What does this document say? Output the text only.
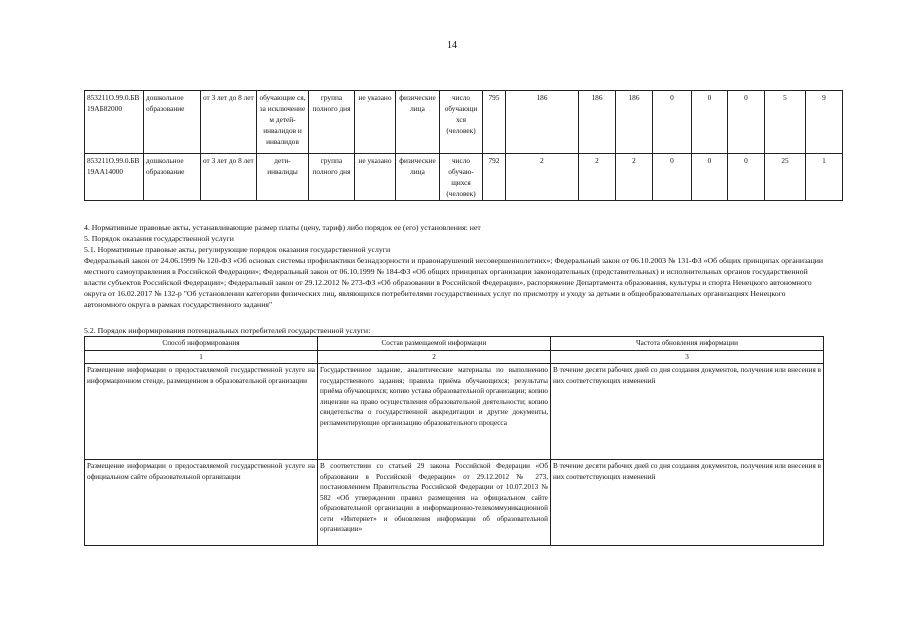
14
853211O.99.0.БВ 19АБ82000	дошкольное образование	от 3 лет до 8 лет	обучающие ся, за исключение м детей-инвалидов и инвалидов	группа полного дня	не указано	физические лица	число обучающи хся (человек)	795	186	186	186	0	0	0	5	9
853211О.99.0.БВ 19АА14000	дошкольное образование	от 3 лет до 8 лет	дети-инвалиды	группа полного дня	не указано	физические лица	число обучаю-щихся (человек)	792	2	2	2	0	0	0	25	1

4. Нормативные правовые акты, устанавливающие размер платы (цену, тариф) либо порядок ее (его) установления: нет

5. Порядок оказания государственной услуги

5.1. Нормативные правовые акты, регулирующие порядок оказания государственной услуги

Федеральный закон от 24.06.1999 № 120-ФЗ «Об основах системы профилактики безнадзорности и правонарушений несовершеннолетних»; Федеральный закон от 06.10.2003 № 131-ФЗ «Об общих принципах организации местного самоуправления в Российской Федерации»; Федеральный закон от 06.10.1999 № 184-ФЗ «Об общих принципах организации законодательных (представительных) и исполнительных органов государственной власти субъектов Российской Федерации»; Федеральный закон от 29.12.2012 № 273-ФЗ «Об образовании в Российской Федерации», распоряжение Департамента образования, культуры и спорта Ненецкого автономного округа от 16.02.2017 № 132-р "Об установлении категории физических лиц, являющихся потребителями государственных услуг по присмотру и уходу за детьми в общеобразовательных организациях Ненецкого автономного округа в рамках государственного задания"

5.2. Порядок информирования потенциальных потребителей государственной услуги:
Способ информирования	Состав размещаемой информации	Частота обновления информации
1	2	3
Размещение информации о предоставляемой государственной услуге на информационном стенде, размещенном в образовательной организации	Государственное задание, аналитические материалы по выполнению государственного задания; правила приёма обучающихся; результаты приёма обучающихся; копию устава образовательной организации; копию лицензии на право осуществления образовательной деятельности; копию свидетельства о государственной аккредитации и другие документы, регламентирующие организацию образовательного процесса	В течение десяти рабочих дней со дня создания документов, получения или внесения в них соответствующих изменений
Размещение информации о предоставляемой государственной услуге на официальном сайте образовательной организации	В соответствии со статьей 29 закона Российской Федерации «Об образовании в Российской Федерации» от 29.12.2012 № 273, постановлением Правительства Российской Федерации от 10.07.2013 № 582 «Об утверждении правил размещения на официальном сайте образовательной организации в информационно-телекоммуникационной сети «Интернет» и обновления информации об образовательной организации»	В течение десяти рабочих дней со дня создания документов, получения или внесения в них соответствующих изменений
